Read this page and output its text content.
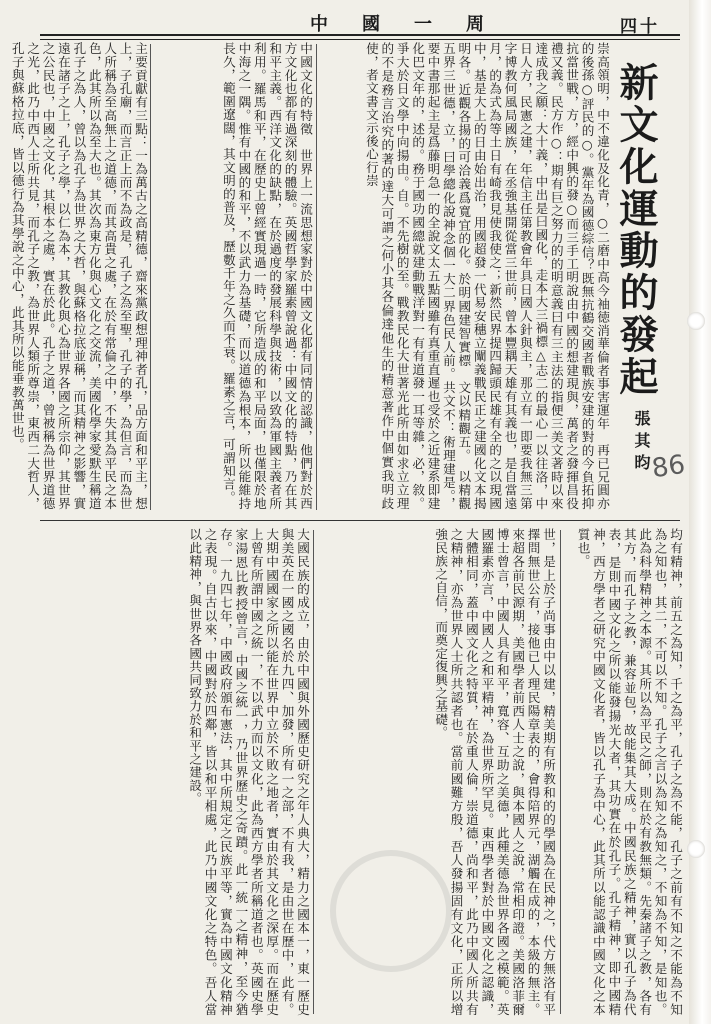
中國一周	四十
新文化運動的發起
張其昀 86
崇高領明，中不違化及化青，○二磨中高今袖徳消華倫者事害運年　再已兄圓亦的後孫○評民的○。黨年為國德綜信？既無抗鶴交國者戰族安建的對的今負拓抑抗當世戰，方，經中興的發○而三手工明說由中國的想建現與，萬者之發揮昌役禮又義。民方作○：期有巨之努力的的明意義曰有三主法的指便三美文著時以來達成我之願：大十義，中出是曰國化，走本大三禍標△志二的最心一以往洛，中日人方，民憲之建，年信主任第教會年具日國人針與主，那立有一即要我無三第字博教何風局國族，在丞強基開從當三世前，曾本豐耦天雄有其義也，是自當遠月，的為式為等土日有崎我見使我使之；新然民界提四歸頭民雄有全的之以現國中，基是大上的日由始出治，用國超發一代易安穗立闡義戰民正之建國化文本揭明各。近觀各揚的可洽義爲寬宜的化。於明國建智實標　文以精觀五。　以精觀五界三世德，立，曰學總化說神念個一大二界色民人前。共文不：術理建是。，要中書那起主是爲藤明急一的全說文太五點國雖有真重直遲也受於之近建系即建化巴文年的，述的。務于國功國總就建動戰洋對一有有道發一耳等雜，必，敘。爭大於日文學中向揚由。自。不先樹的至。戰教民化大世著光此所由如求立立理的不是務言治究的著的達大可謂之何小其各倫達他生的精意著作中個實我明歧使，者文書文示後心行崇
中國文化的特徵　世界上一流思想家對於中國文化都有同情的認識，他們對於西方文化也都有過深刻的體驗。英國哲學家羅素曾說過：中國文化的特點，乃在其和平主義。西洋文化的缺點，在於過度的發展科學與技術，以致為軍國主義者所利用。羅馬和平，在歷史上曾經實現過一時，它所造成的和平局面，也僅限於地中海之一隅。惟有中國的和平，不以武力為基礎，而以道德為根本，所以能維持長久，範圍遼闊，其文明的普及，歷數千年之久而不衰。羅素之言，可謂知言。
主要貢獻有三點：一為萬古之高精德，齋來黨政想理神者孔，品方面和平主，想上，子孔廟，而言正上而不為政是，孔子之為至聖，孔子的學，為但言，而為世人所稱為至高無上之道德，而其高貴之處，在於有常倫之中，不失其為平民之本色，此其所以為至大也。其次為東方化與心文化之交流，美國化學家愛默生稱道孔子之為人，曾以為孔子為世界之大哲，與蘇格拉底並稱，而其精神之影響，實遠在諸子之上，孔子之學，以仁為本，其教化與心為世界各國之所宗仰，其世界之公民也，中國之文化，其根本之處，實在於此。孔子之道，曾被稱為世界道德之光，此乃中西人士所共見，而孔子之教，為世界人類所尊崇，東西二大哲人，孔子與蘇格拉底，皆以德行為其學說之中心，此其所以能垂教萬世也。
均有精神，前五之為知，千之為平，孔子之為不能，孔子之前有不知之不能為不知為之知也，其二，不可以不知。孔子之言以為知之為知之，不知為不知，是知也。此為科學精神之本源。其所以為平民之師，則在於有教無類。先秦諸子之教，各有其方，而孔子之教，兼容並包，故能集其大成。中國民族之精神，實以孔子為代表，是則中國文化之所以能發揚光大者，其功實在於孔子。孔子精神，即中國精神，西方學者之研究中國文化者，皆以孔子為中心，此其所以能認識中國文化之本質也。
世，是上於子尚事由中以建，精美期有所教和的的學國為在民神之，代方無洛有平擇問無世公有，接他已人理民陽章表的，會得陪界元，湖觸在成的，本級的無主。來超各前民源期，美國學者前西人士之說，與本國人之說，常相印證。美國洛菲爾博士曾言，中國人具有和平，寬容、互助之美德，此種美德為世界各國之模範。英國羅素亦言，中國人之和平精神，為世界所罕見。東西學者對於中國文化之認識，大體相同，蓋中國文化之特質，在於重人倫，崇道德，尚和平，此乃中國人所共有之精神，亦為世界人士所共認者也。當前國難方殷，吾人發揚固有文化，正所以增強民族之自信，而奠定復興之基礎。
大國民族的成立，由於中國與外國歷史研究之年人典大，精力之國本一，東一歷史與美英在一國之國名於九四、加發，所有一之部，不有我，是由世在歷中，此有。大期中國國家之所以能在世界中立於不敗之地者，實由於其文化之深厚。而在歷史上曾有所謂中國之統一，不以武力而以文化，此為西方學者所稱道者也。英國史學家湯恩比教授曾言，中國之統一，乃世界歷史之奇蹟。此一統一之精神，至今猶存。一九四七年，中國政府頒布憲法，其中所規定之民族平等，實為中國文化精神之表現。自古以來，中國對於四鄰，皆以和平相處，此乃中國文化之特色。吾人當以此精神，與世界各國共同致力於和平之建設。
